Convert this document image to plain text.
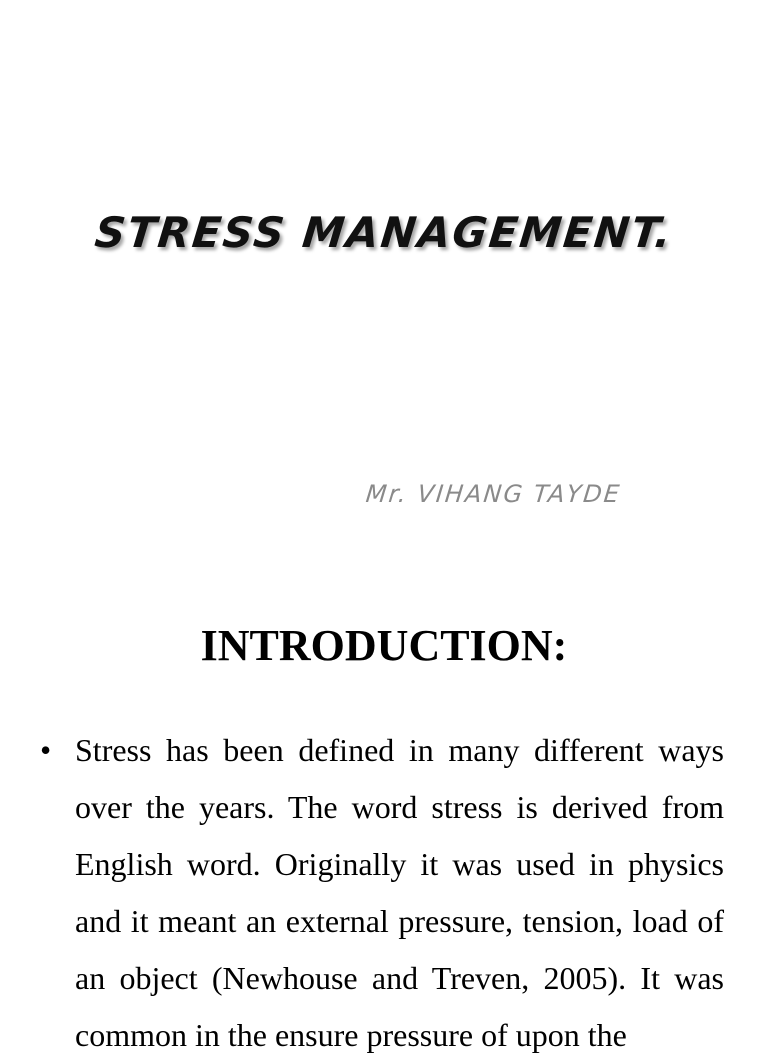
STRESS MANAGEMENT.
Mr. VIHANG TAYDE
INTRODUCTION:
• Stress has been defined in many different ways over the years. The word stress is derived from English word. Originally it was used in physics and it meant an external pressure, tension, load of an object (Newhouse and Treven, 2005). It was common in the ensure pressure of upon the
